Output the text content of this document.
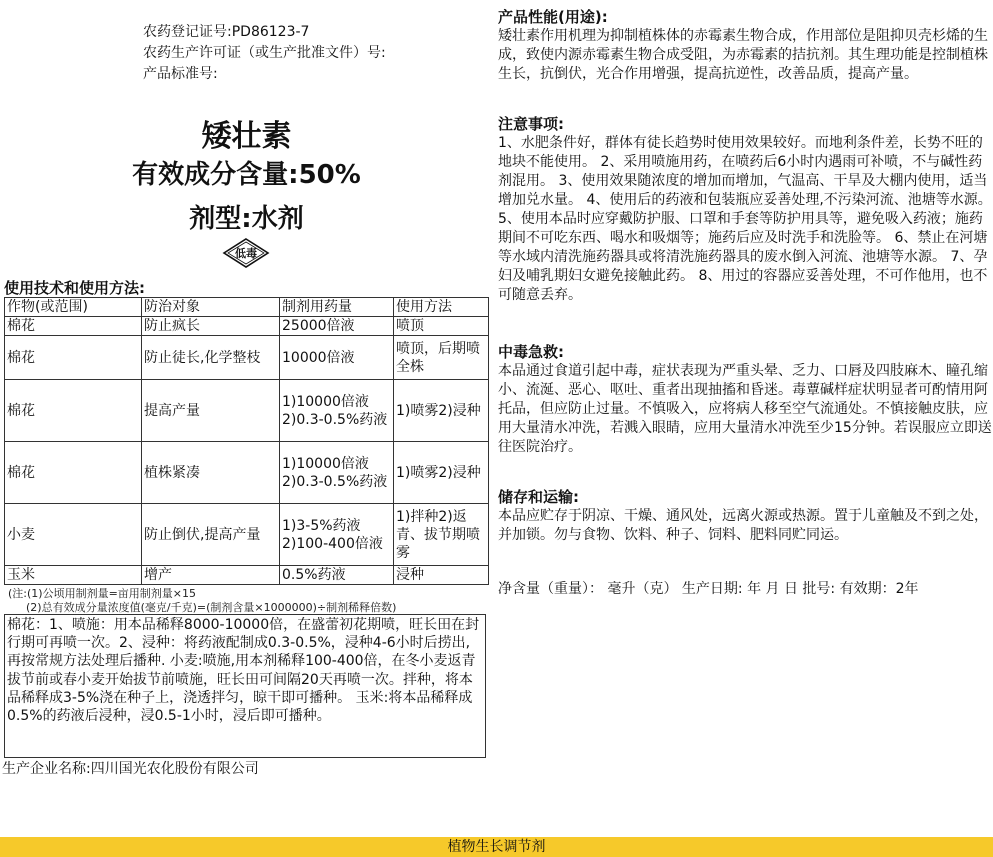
农药登记证号:PD86123-7
农药生产许可证（或生产批准文件）号:
产品标准号:
矮壮素
有效成分含量:50%
剂型:水剂
低毒
使用技术和使用方法:
作物(或范围)	防治对象	制剂用药量	使用方法
棉花	防止疯长	25000倍液	喷顶
棉花	防止徒长,化学整枝	10000倍液	喷顶，后期喷全株
棉花	提高产量	1)10000倍液 2)0.3-0.5%药液	1)喷雾2)浸种
棉花	植株紧凑	1)10000倍液 2)0.3-0.5%药液	1)喷雾2)浸种
小麦	防止倒伏,提高产量	1)3-5%药液 2)100-400倍液	1)拌种2)返青、拔节期喷雾
玉米	增产	0.5%药液	浸种
(注:(1)公顷用制剂量=亩用制剂量×15
(2)总有效成分量浓度值(毫克/千克)=(制剂含量×1000000)÷制剂稀释倍数)
棉花：1、喷施：用本品稀释8000-10000倍，在盛蕾初花期喷，旺长田在封行期可再喷一次。2、浸种：将药液配制成0.3-0.5%，浸种4-6小时后捞出,再按常规方法处理后播种. 小麦:喷施,用本剂稀释100-400倍，在冬小麦返青拔节前或春小麦开始拔节前喷施，旺长田可间隔20天再喷一次。拌种，将本品稀释成3-5%浇在种子上，浇透拌匀，晾干即可播种。 玉米:将本品稀释成0.5%的药液后浸种，浸0.5-1小时，浸后即可播种。
生产企业名称:四川国光农化股份有限公司
产品性能(用途):

矮壮素作用机理为抑制植株体的赤霉素生物合成，作用部位是阻抑贝壳杉烯的生成，致使内源赤霉素生物合成受阻，为赤霉素的拮抗剂。其生理功能是控制植株生长，抗倒伏，光合作用增强，提高抗逆性，改善品质，提高产量。

注意事项:

1、水肥条件好，群体有徒长趋势时使用效果较好。而地利条件差，长势不旺的地块不能使用。 2、采用喷施用药，在喷药后6小时内遇雨可补喷，不与碱性药剂混用。 3、使用效果随浓度的增加而增加，气温高、干旱及大棚内使用，适当增加兑水量。 4、使用后的药液和包装瓶应妥善处理,不污染河流、池塘等水源。 5、使用本品时应穿戴防护服、口罩和手套等防护用具等，避免吸入药液；施药期间不可吃东西、喝水和吸烟等；施药后应及时洗手和洗脸等。 6、禁止在河塘等水域内清洗施药器具或将清洗施药器具的废水倒入河流、池塘等水源。 7、孕妇及哺乳期妇女避免接触此药。 8、用过的容器应妥善处理，不可作他用，也不可随意丢弃。

中毒急救:

本品通过食道引起中毒，症状表现为严重头晕、乏力、口唇及四肢麻木、瞳孔缩小、流涎、恶心、呕吐、重者出现抽搐和昏迷。毒蕈碱样症状明显者可酌情用阿托品，但应防止过量。不慎吸入，应将病人移至空气流通处。不慎接触皮肤，应用大量清水冲洗，若溅入眼睛，应用大量清水冲洗至少15分钟。若误服应立即送往医院治疗。

储存和运输:

本品应贮存于阴凉、干燥、通风处，远离火源或热源。置于儿童触及不到之处，并加锁。勿与食物、饮料、种子、饲料、肥料同贮同运。

净含量（重量）： 毫升（克） 生产日期: 年 月 日 批号: 有效期：2年
植物生长调节剂
